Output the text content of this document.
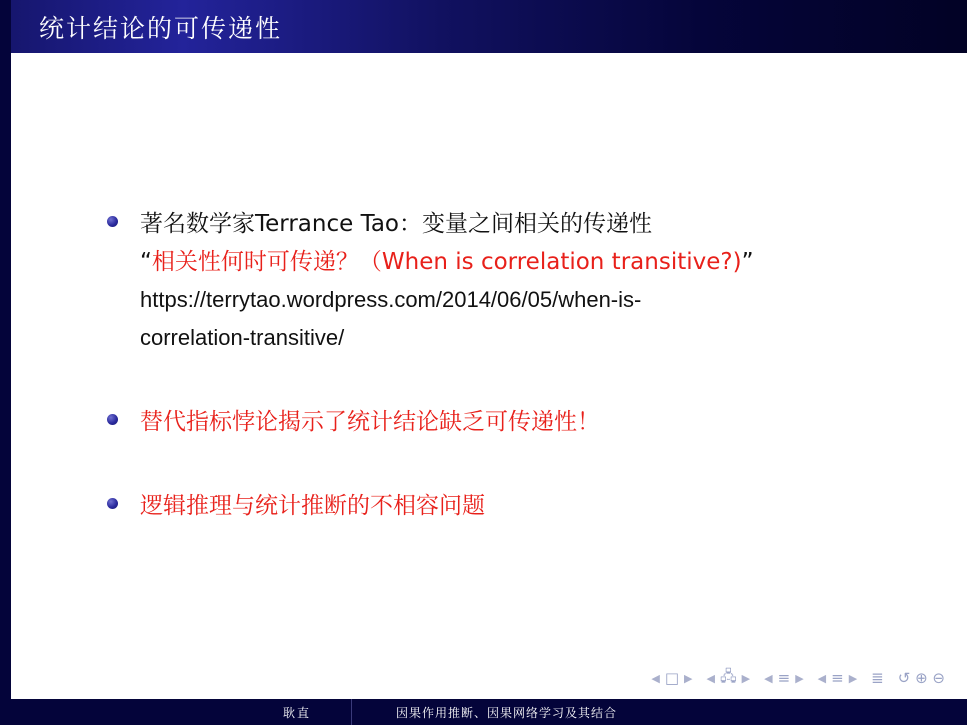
统计结论的可传递性
著名数学家Terrance Tao：变量之间相关的传递性
“相关性何时可传递？（When is correlation transitive?)”
https://terrytao.wordpress.com/2014/06/05/when-is-
correlation-transitive/
替代指标悖论揭示了统计结论缺乏可传递性！
逻辑推理与统计推断的不相容问题
◀ □ ▶ ◀ 🖧 ▶ ◀ ≡ ▶ ◀ ≡ ▶ ≣ ↺ ⊕ ⊖
耿直	因果作用推断、因果网络学习及其结合
